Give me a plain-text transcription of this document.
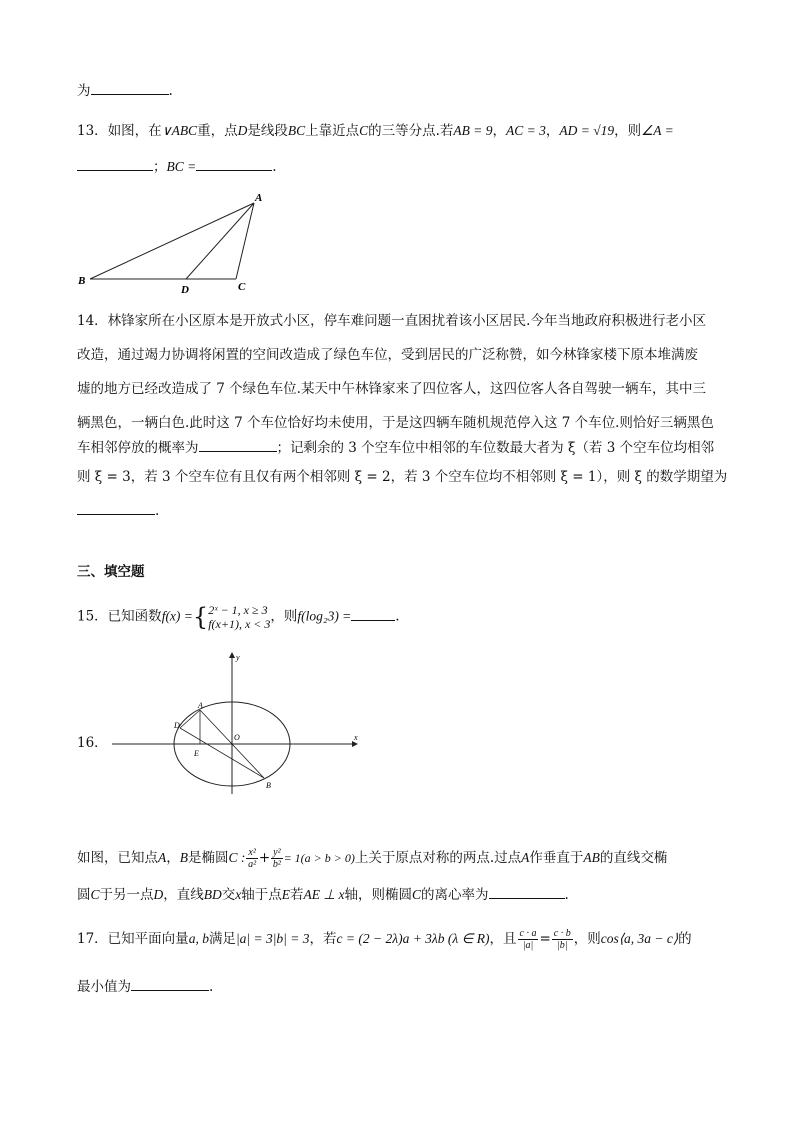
为	.
13．如图，在∨ABC重，点D是线段BC上靠近点C的三等分点.若AB = 9，AC = 3，AD = √19，则∠A =
；BC =	.
A
B	C
D
14．林锋家所在小区原本是开放式小区，停车难问题一直困扰着该小区居民.今年当地政府积极进行老小区
改造，通过竭力协调将闲置的空间改造成了绿色车位，受到居民的广泛称赞，如今林锋家楼下原本堆满废
墟的地方已经改造成了 7 个绿色车位.某天中午林锋家来了四位客人，这四位客人各自驾驶一辆车，其中三
辆黑色，一辆白色.此时这 7 个车位恰好均未使用，于是这四辆车随机规范停入这 7 个车位.则恰好三辆黑色
车相邻停放的概率为	；记剩余的 3 个空车位中相邻的车位数最大者为 ξ（若 3 个空车位均相邻
则 ξ = 3，若 3 个空车位有且仅有两个相邻则 ξ = 2，若 3 个空车位均不相邻则 ξ = 1），则 ξ 的数学期望为
.
三、填空题
15．已知函数f(x) ={ 2ˣ − 1, x ≥ 3
f(x+1), x < 3 ，则f(log₂3) =	.
16．
y
x
O
A
B
D
E
如图，已知点A，B是椭圆C : $\frac{\text{x²}}{\text{a²}} + \frac{\text{y²}}{\text{b²}} = 1(a > b > 0)$上关于原点对称的两点.过点A作垂直于AB的直线交椭
圆C于另一点D，直线BD交x轴于点E若AE ⊥ x轴，则椭圆C的离心率为	.
17．已知平面向量a, b满足|a| = 3|b| = 3，若c = (2 − 2λ)a + 3λb (λ ∈ R)，且 $\frac{c \cdot a}{|a|} = \frac{c \cdot b}{|b|}$ ，则cos⟨a, 3a − c⟩的
最小值为	.
